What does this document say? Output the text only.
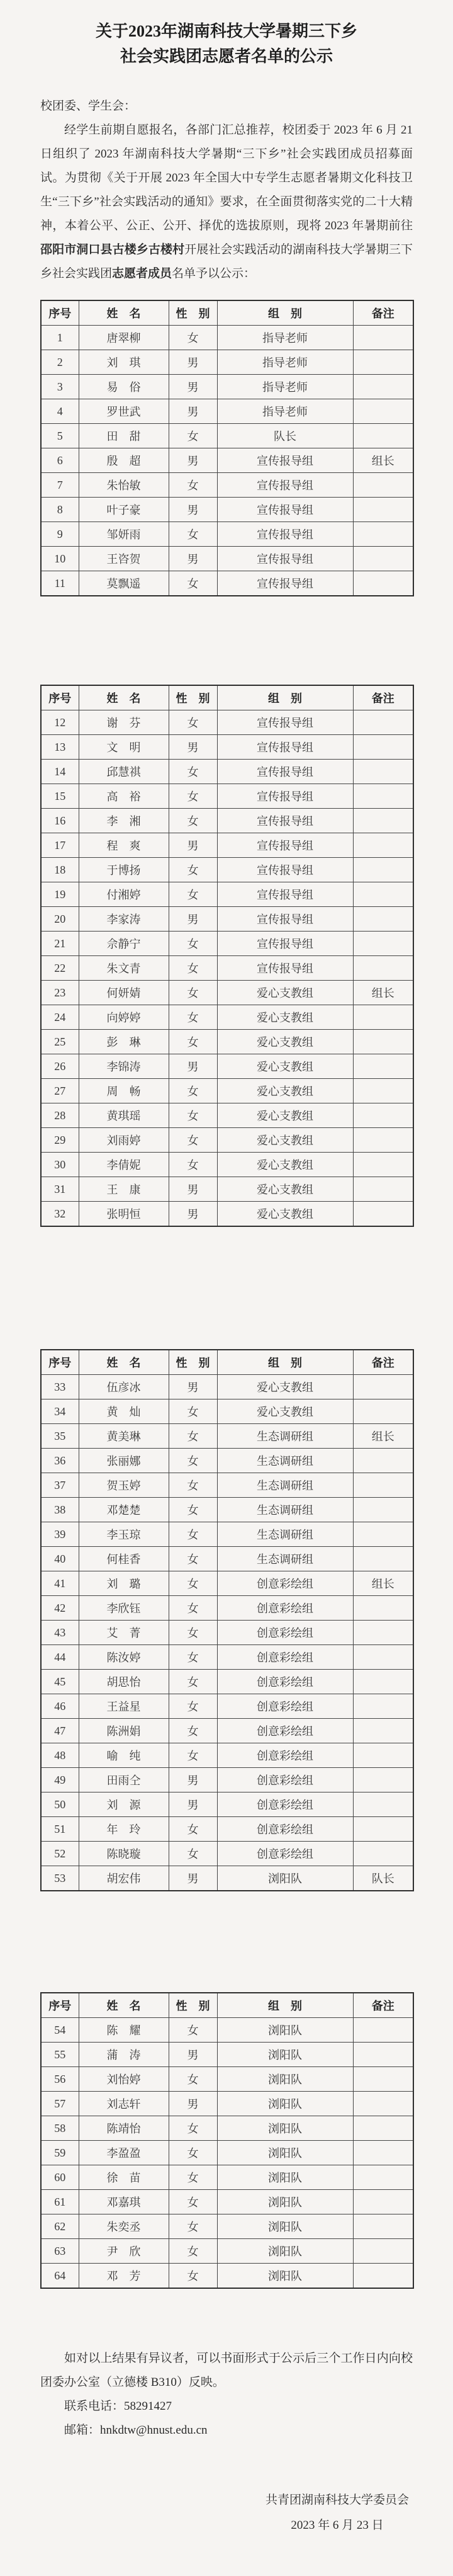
关于2023年湖南科技大学暑期三下乡
社会实践团志愿者名单的公示

校团委、学生会：

经学生前期自愿报名，各部门汇总推荐，校团委于 2023 年 6 月 21 日组织了 2023 年湖南科技大学暑期“三下乡”社会实践团成员招募面试。为贯彻《关于开展 2023 年全国大中专学生志愿者暑期文化科技卫生“三下乡”社会实践活动的通知》要求，在全面贯彻落实党的二十大精神，本着公平、公正、公开、择优的选拔原则，现将 2023 年暑期前往邵阳市洞口县古楼乡古楼村开展社会实践活动的湖南科技大学暑期三下乡社会实践团志愿者成员名单予以公示：

序号	姓　名	性　别	组　别	备注
1	唐翠柳	女	指导老师	
2	刘　琪	男	指导老师	
3	易　俗	男	指导老师	
4	罗世武	男	指导老师	
5	田　甜	女	队长	
6	殷　超	男	宣传报导组	组长
7	朱怡敏	女	宣传报导组	
8	叶子豪	男	宣传报导组	
9	邹妍雨	女	宣传报导组	
10	王咨贺	男	宣传报导组	
11	莫飘遥	女	宣传报导组	
序号	姓　名	性　别	组　别	备注
12	谢　芬	女	宣传报导组	
13	文　明	男	宣传报导组	
14	邱慧祺	女	宣传报导组	
15	高　裕	女	宣传报导组	
16	李　湘	女	宣传报导组	
17	程　爽	男	宣传报导组	
18	于博扬	女	宣传报导组	
19	付湘婷	女	宣传报导组	
20	李家涛	男	宣传报导组	
21	佘静宁	女	宣传报导组	
22	朱文青	女	宣传报导组	
23	何妍婧	女	爱心支教组	组长
24	向婷婷	女	爱心支教组	
25	彭　琳	女	爱心支教组	
26	李锦涛	男	爱心支教组	
27	周　畅	女	爱心支教组	
28	黄琪瑶	女	爱心支教组	
29	刘雨婷	女	爱心支教组	
30	李倩妮	女	爱心支教组	
31	王　康	男	爱心支教组	
32	张明恒	男	爱心支教组	
序号	姓　名	性　别	组　别	备注
33	伍彦冰	男	爱心支教组	
34	黄　灿	女	爱心支教组	
35	黄美琳	女	生态调研组	组长
36	张丽娜	女	生态调研组	
37	贺玉婷	女	生态调研组	
38	邓楚楚	女	生态调研组	
39	李玉琼	女	生态调研组	
40	何桂香	女	生态调研组	
41	刘　璐	女	创意彩绘组	组长
42	李欣钰	女	创意彩绘组	
43	艾　菁	女	创意彩绘组	
44	陈汝婷	女	创意彩绘组	
45	胡思怡	女	创意彩绘组	
46	王益星	女	创意彩绘组	
47	陈洲娟	女	创意彩绘组	
48	喻　纯	女	创意彩绘组	
49	田雨仝	男	创意彩绘组	
50	刘　源	男	创意彩绘组	
51	年　玲	女	创意彩绘组	
52	陈晓璇	女	创意彩绘组	
53	胡宏伟	男	浏阳队	队长
序号	姓　名	性　别	组　别	备注
54	陈　耀	女	浏阳队	
55	蒲　涛	男	浏阳队	
56	刘怡婷	女	浏阳队	
57	刘志轩	男	浏阳队	
58	陈靖怡	女	浏阳队	
59	李盈盈	女	浏阳队	
60	徐　苗	女	浏阳队	
61	邓嘉琪	女	浏阳队	
62	朱奕丞	女	浏阳队	
63	尹　欣	女	浏阳队	
64	邓　芳	女	浏阳队	

如对以上结果有异议者，可以书面形式于公示后三个工作日内向校团委办公室（立德楼 B310）反映。

联系电话：58291427

邮箱：hnkdtw@hnust.edu.cn

共青团湖南科技大学委员会
2023 年 6 月 23 日
